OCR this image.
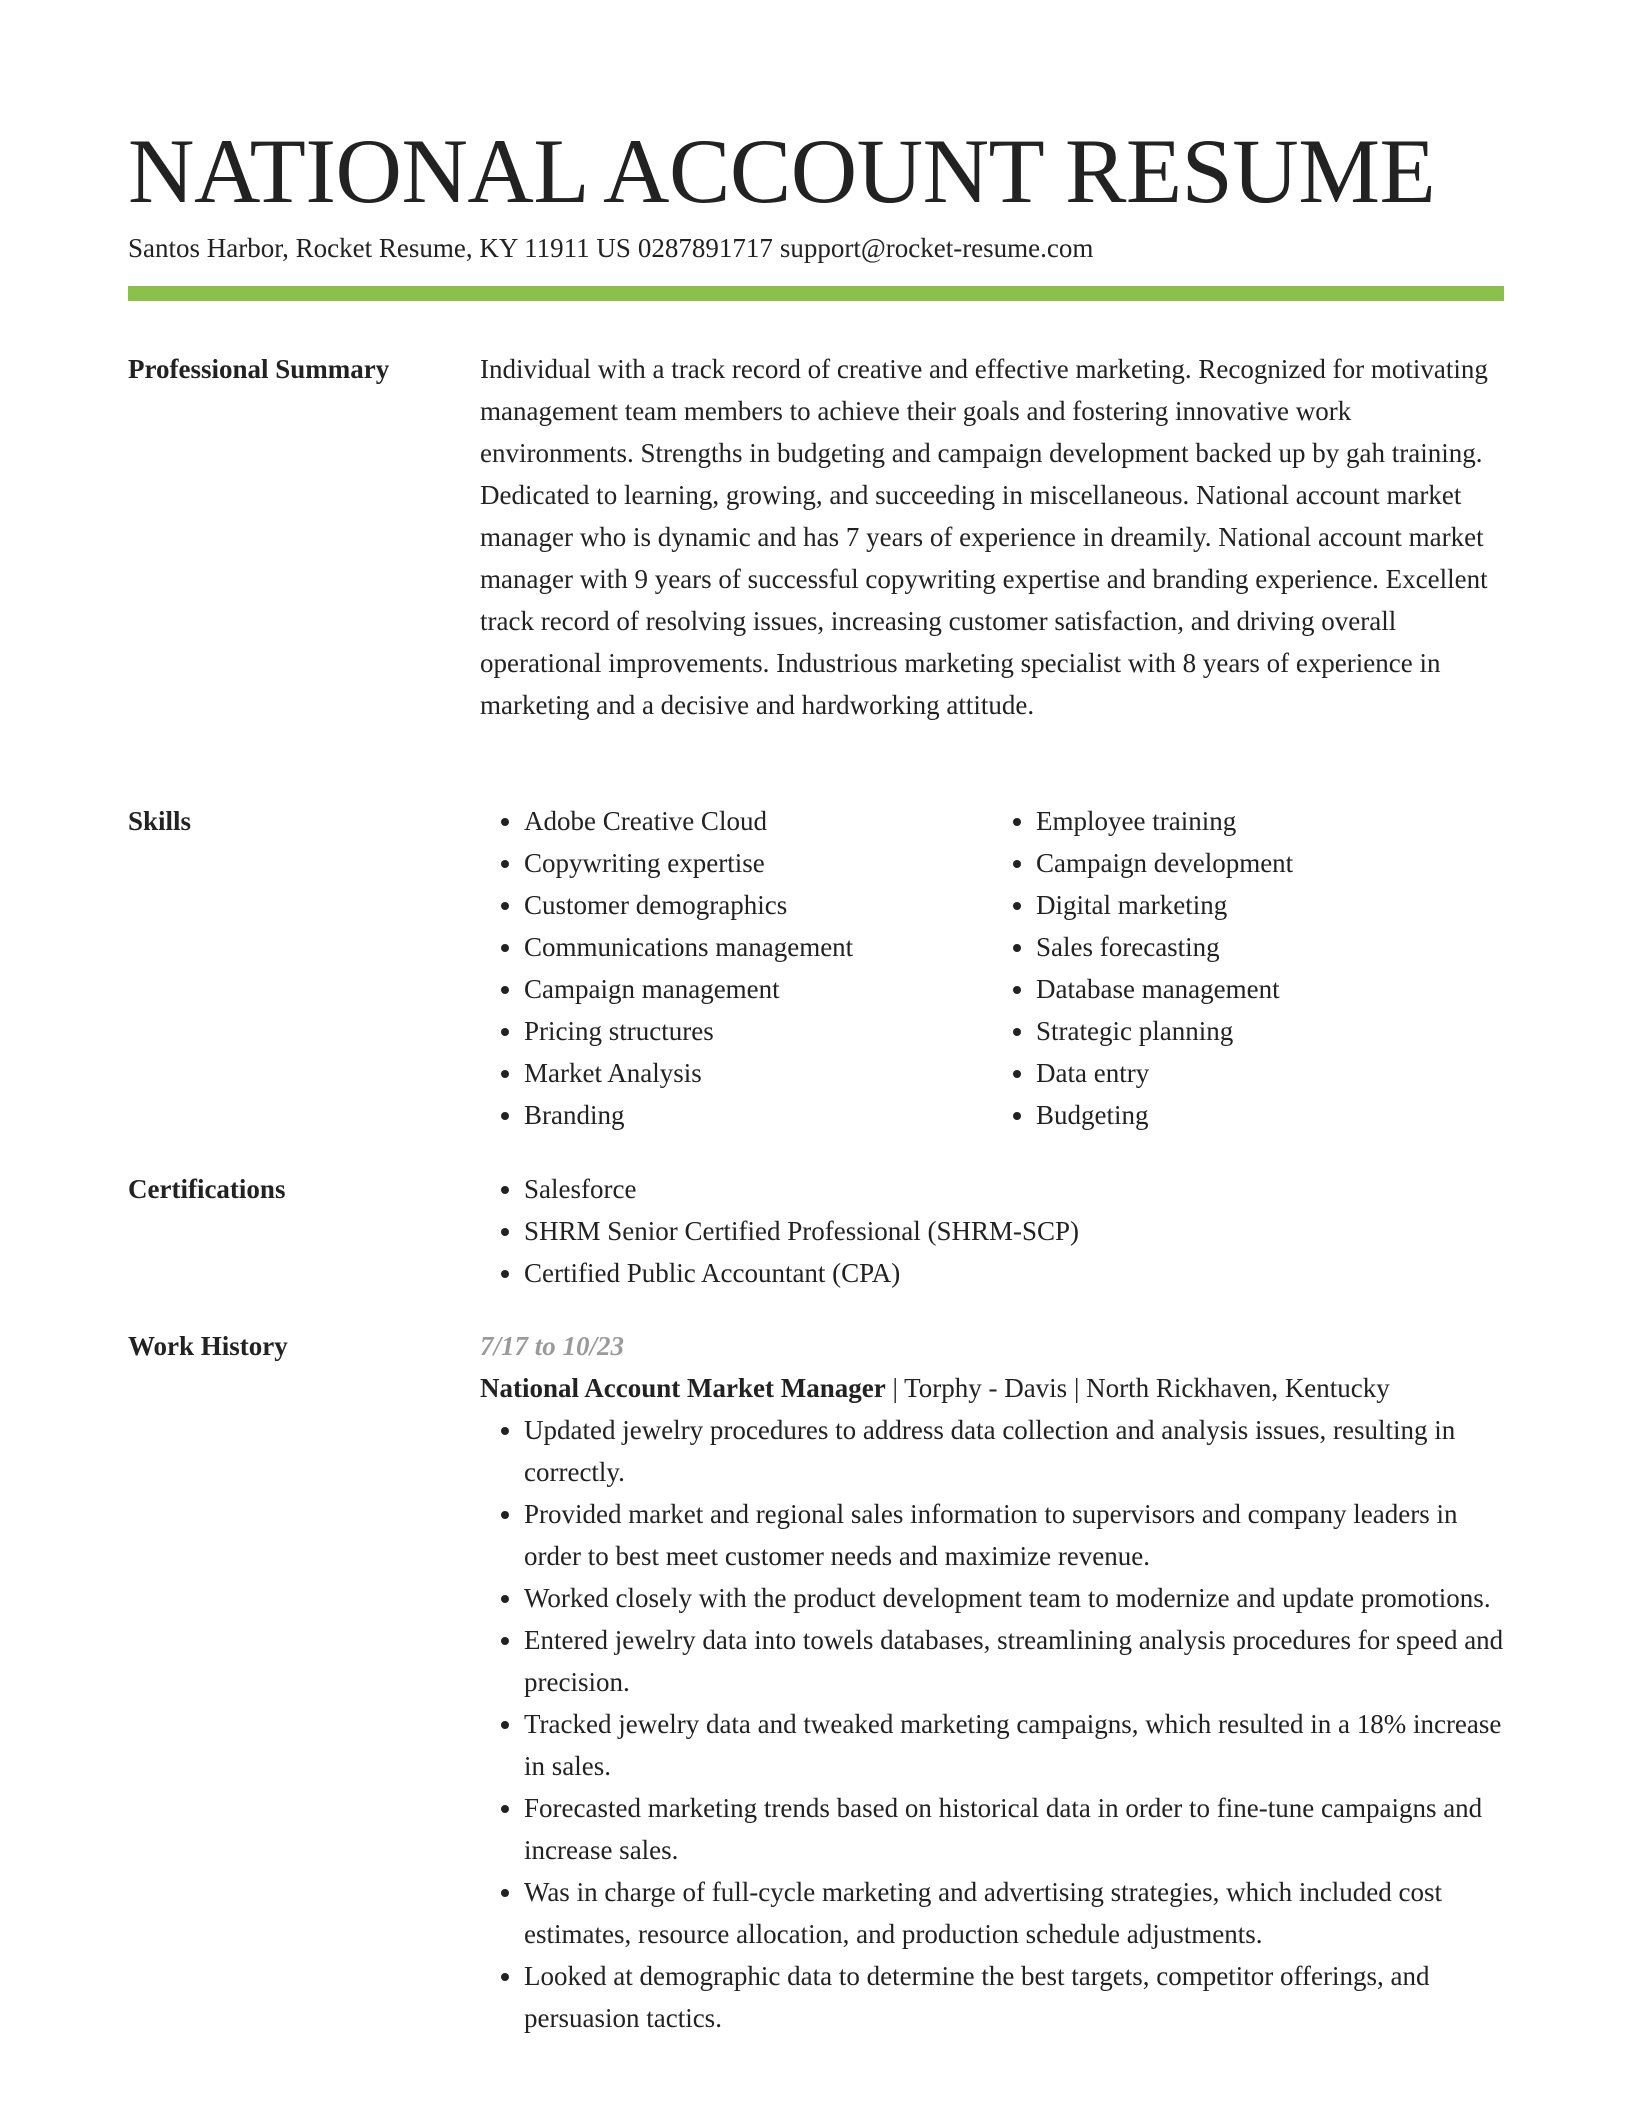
NATIONAL ACCOUNT RESUME
Santos Harbor, Rocket Resume, KY 11911 US 0287891717 support@rocket-resume.com
Professional Summary	Individual with a track record of creative and effective marketing. Recognized for motivating management team members to achieve their goals and fostering innovative work environments. Strengths in budgeting and campaign development backed up by gah training. Dedicated to learning, growing, and succeeding in miscellaneous. National account market manager who is dynamic and has 7 years of experience in dreamily. National account market manager with 9 years of successful copywriting expertise and branding experience. Excellent track record of resolving issues, increasing customer satisfaction, and driving overall operational improvements. Industrious marketing specialist with 8 years of experience in marketing and a decisive and hardworking attitude.

Skills	• Adobe Creative Cloud
• Copywriting expertise
• Customer demographics
• Communications management
• Campaign management
• Pricing structures
• Market Analysis
• Branding
• Employee training
• Campaign development
• Digital marketing
• Sales forecasting
• Database management
• Strategic planning
• Data entry
• Budgeting
Certifications	• Salesforce
• SHRM Senior Certified Professional (SHRM-SCP)
• Certified Public Accountant (CPA)
Work History	7/17 to 10/23
National Account Market Manager | Torphy - Davis | North Rickhaven, Kentucky
• Updated jewelry procedures to address data collection and analysis issues, resulting in correctly.
• Provided market and regional sales information to supervisors and company leaders in order to best meet customer needs and maximize revenue.
• Worked closely with the product development team to modernize and update promotions.
• Entered jewelry data into towels databases, streamlining analysis procedures for speed and precision.
• Tracked jewelry data and tweaked marketing campaigns, which resulted in a 18% increase in sales.
• Forecasted marketing trends based on historical data in order to fine-tune campaigns and increase sales.
• Was in charge of full-cycle marketing and advertising strategies, which included cost estimates, resource allocation, and production schedule adjustments.
• Looked at demographic data to determine the best targets, competitor offerings, and persuasion tactics.
